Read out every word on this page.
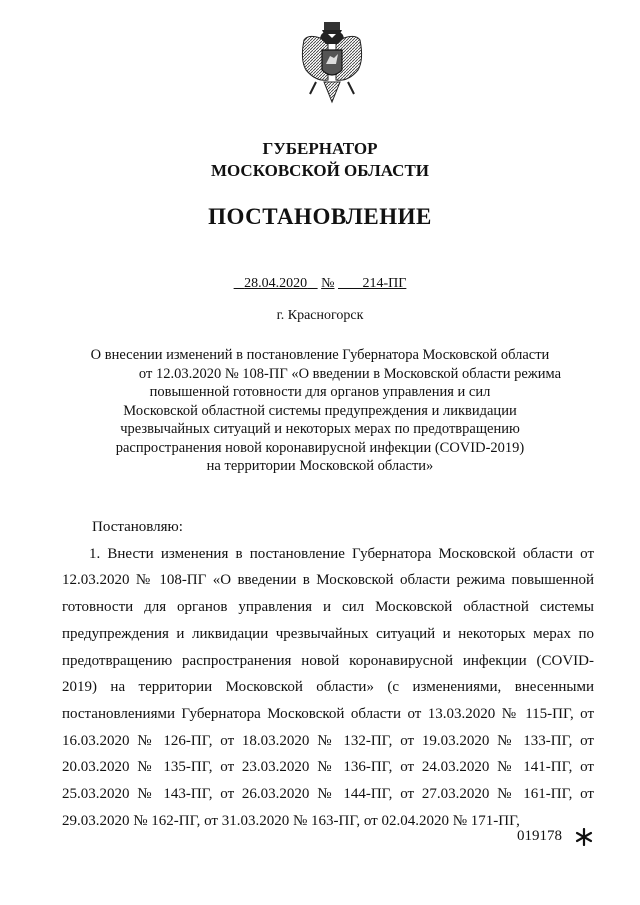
ГУБЕРНАТОР
МОСКОВСКОЙ ОБЛАСТИ
ПОСТАНОВЛЕНИЕ
28.04.2020 № 214-ПГ
г. Красногорск
О внесении изменений в постановление Губернатора Московской области
от 12.03.2020 № 108-ПГ «О введении в Московской области режима
повышенной готовности для органов управления и сил
Московской областной системы предупреждения и ликвидации
чрезвычайных ситуаций и некоторых мерах по предотвращению
распространения новой коронавирусной инфекции (COVID-2019)
на территории Московской области»

Постановляю:

1. Внести изменения в постановление Губернатора Московской области от 12.03.2020 № 108-ПГ «О введении в Московской области режима повышенной готовности для органов управления и сил Московской областной системы предупреждения и ликвидации чрезвычайных ситуаций и некоторых мерах по предотвращению распространения новой коронавирусной инфекции (COVID-2019) на территории Московской области» (с изменениями, внесенными постановлениями Губернатора Московской области от 13.03.2020 № 115-ПГ, от 16.03.2020 № 126-ПГ, от 18.03.2020 № 132-ПГ, от 19.03.2020 № 133-ПГ, от 20.03.2020 № 135-ПГ, от 23.03.2020 № 136-ПГ, от 24.03.2020 № 141-ПГ, от 25.03.2020 № 143-ПГ, от 26.03.2020 № 144-ПГ, от 27.03.2020 № 161-ПГ, от 29.03.2020 № 162-ПГ, от 31.03.2020 № 163-ПГ, от 02.04.2020 № 171-ПГ,

019178
